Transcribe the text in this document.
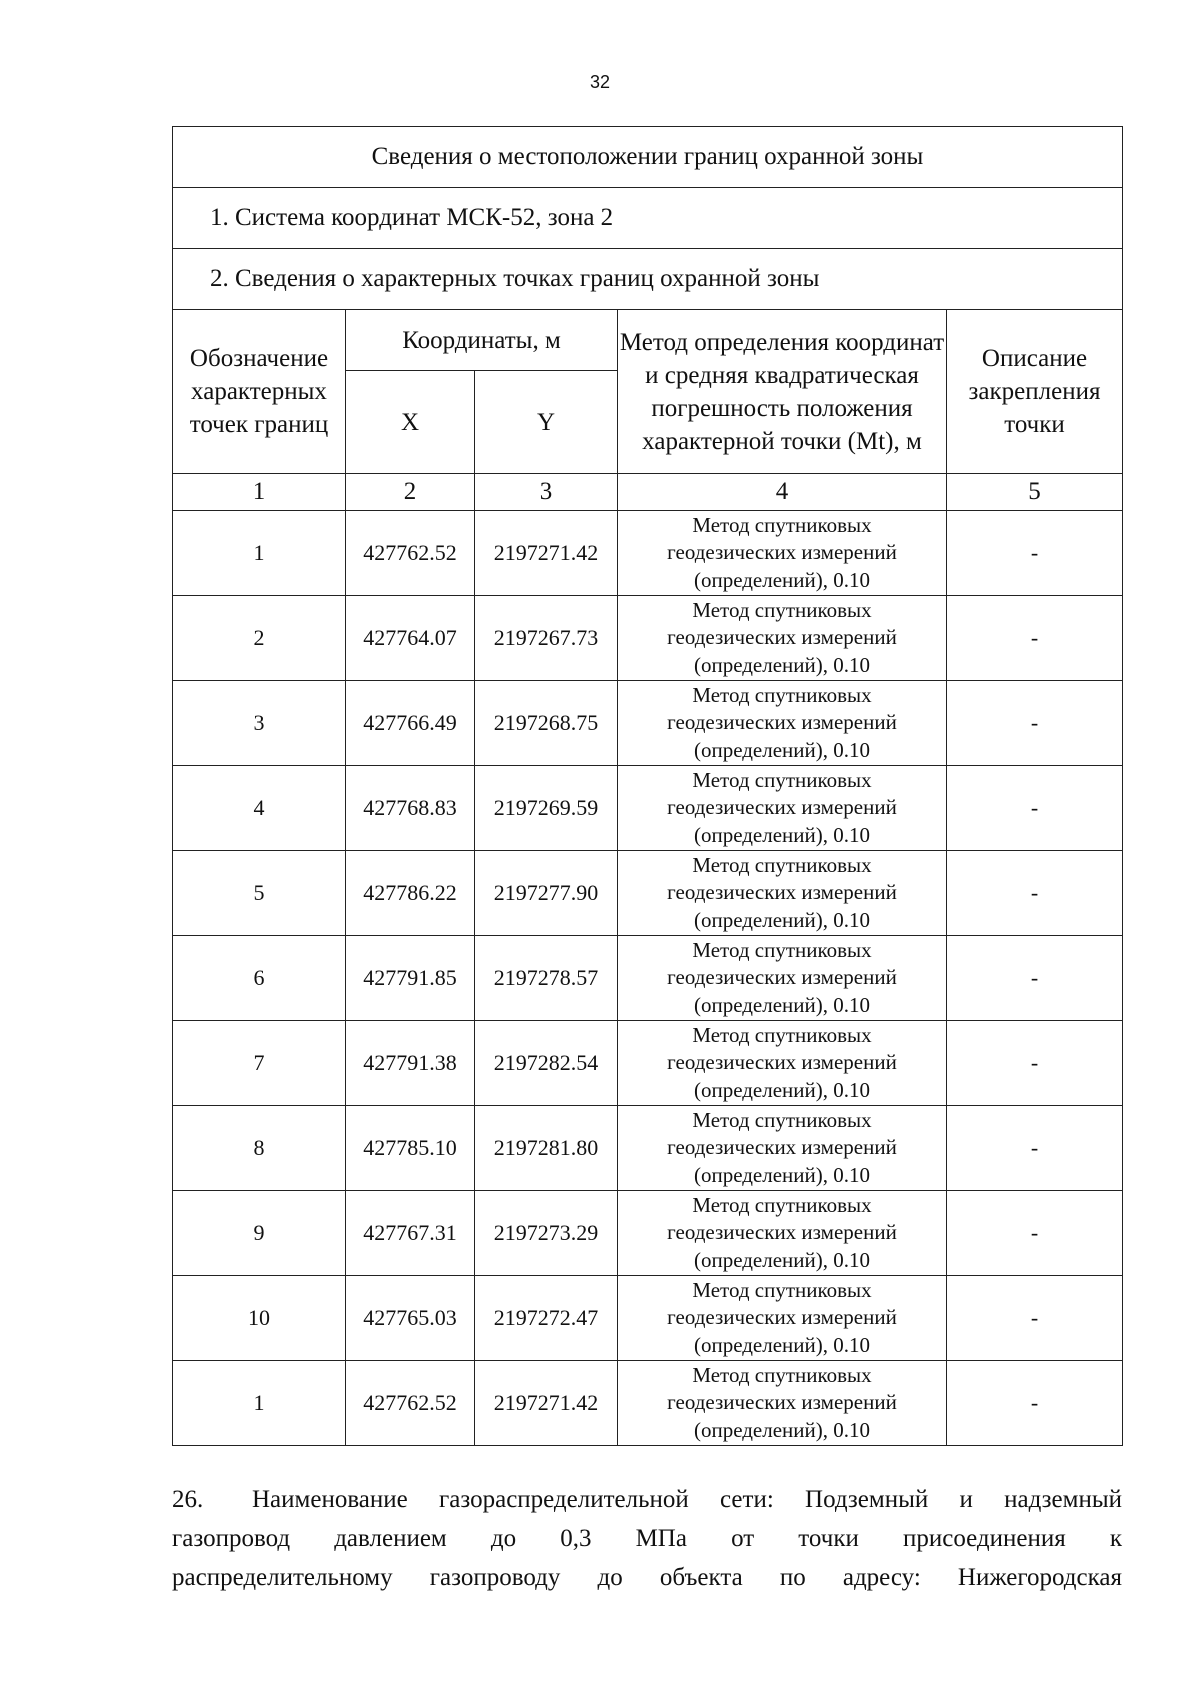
32
Сведения о местоположении границ охранной зоны				
1. Система координат МСК-52, зона 2				
2. Сведения о характерных точках границ охранной зоны				
Обозначение характерных точек границ	Координаты, м		Метод определения координат и средняя квадратическая погрешность положения характерной точки (Mt), м	Описание закрепления точки
	X	Y		
1	2	3	4	5
1	427762.52	2197271.42	Метод спутниковых
геодезических измерений
(определений), 0.10	-
2	427764.07	2197267.73	Метод спутниковых
геодезических измерений
(определений), 0.10	-
3	427766.49	2197268.75	Метод спутниковых
геодезических измерений
(определений), 0.10	-
4	427768.83	2197269.59	Метод спутниковых
геодезических измерений
(определений), 0.10	-
5	427786.22	2197277.90	Метод спутниковых
геодезических измерений
(определений), 0.10	-
6	427791.85	2197278.57	Метод спутниковых
геодезических измерений
(определений), 0.10	-
7	427791.38	2197282.54	Метод спутниковых
геодезических измерений
(определений), 0.10	-
8	427785.10	2197281.80	Метод спутниковых
геодезических измерений
(определений), 0.10	-
9	427767.31	2197273.29	Метод спутниковых
геодезических измерений
(определений), 0.10	-
10	427765.03	2197272.47	Метод спутниковых
геодезических измерений
(определений), 0.10	-
1	427762.52	2197271.42	Метод спутниковых
геодезических измерений
(определений), 0.10	-
26.	Наименование газораспределительной сети: Подземный и надземный
газопровод давлением до 0,3 МПа от точки присоединения к
распределительному газопроводу до объекта по адресу: Нижегородская
